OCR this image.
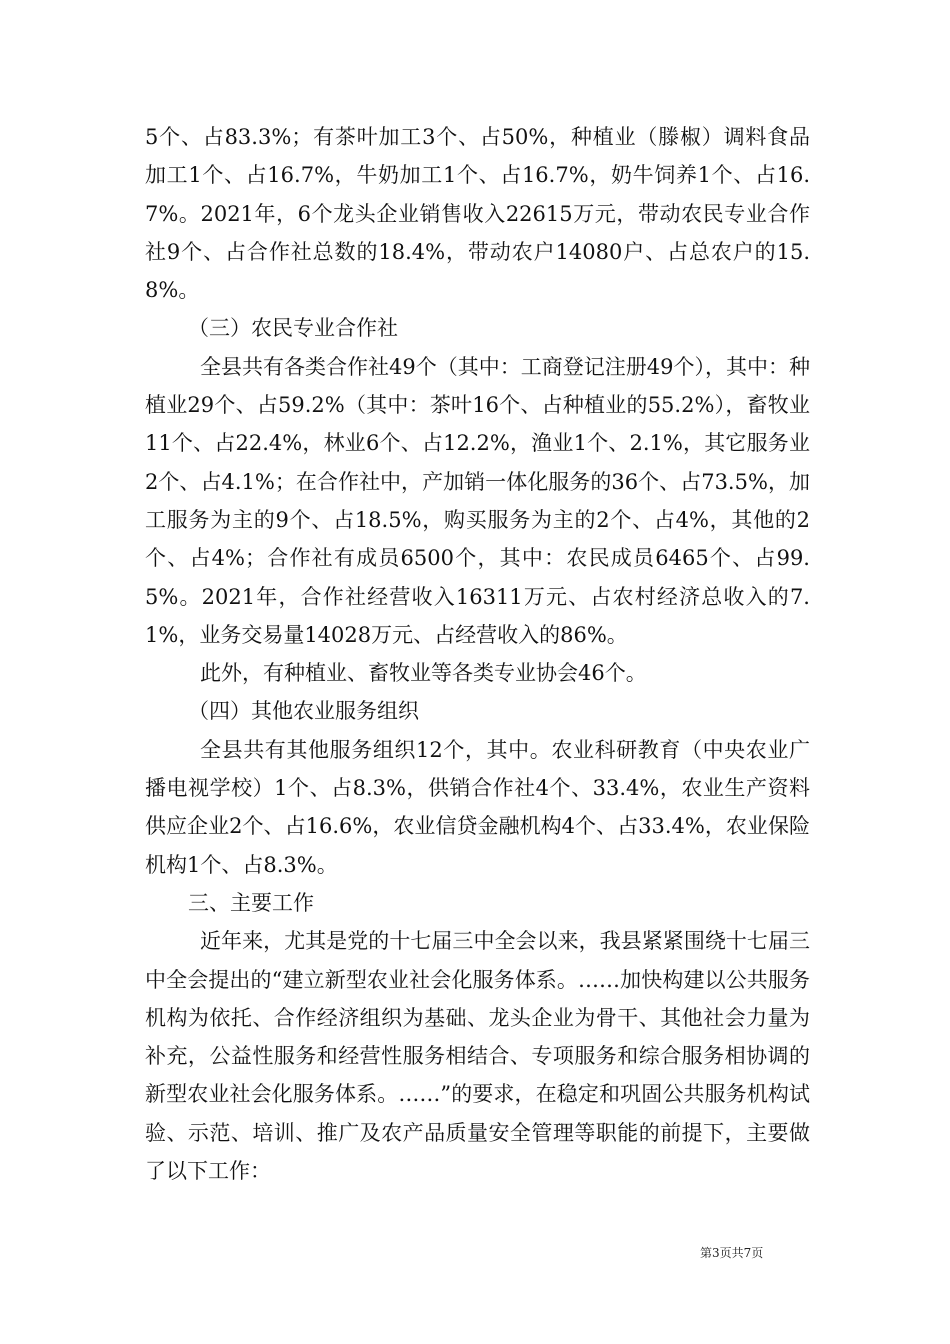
5个、占83.3%；有茶叶加工3个、占50%，种植业（滕椒）调料食品加工1个、占16.7%，牛奶加工1个、占16.7%，奶牛饲养1个、占16.7%。2021年，6个龙头企业销售收入22615万元，带动农民专业合作社9个、占合作社总数的18.4%，带动农户14080户、占总农户的15.8%。

（三）农民专业合作社

全县共有各类合作社49个（其中：工商登记注册49个），其中：种植业29个、占59.2%（其中：茶叶16个、占种植业的55.2%），畜牧业11个、占22.4%，林业6个、占12.2%，渔业1个、2.1%，其它服务业2个、占4.1%；在合作社中，产加销一体化服务的36个、占73.5%，加工服务为主的9个、占18.5%，购买服务为主的2个、占4%，其他的2个、占4%；合作社有成员6500个，其中：农民成员6465个、占99.5%。2021年，合作社经营收入16311万元、占农村经济总收入的7.1%，业务交易量14028万元、占经营收入的86%。

此外，有种植业、畜牧业等各类专业协会46个。

（四）其他农业服务组织

全县共有其他服务组织12个，其中。农业科研教育（中央农业广播电视学校）1个、占8.3%，供销合作社4个、33.4%，农业生产资料供应企业2个、占16.6%，农业信贷金融机构4个、占33.4%，农业保险机构1个、占8.3%。

三、主要工作

近年来，尤其是党的十七届三中全会以来，我县紧紧围绕十七届三中全会提出的“建立新型农业社会化服务体系。……加快构建以公共服务机构为依托、合作经济组织为基础、龙头企业为骨干、其他社会力量为补充，公益性服务和经营性服务相结合、专项服务和综合服务相协调的新型农业社会化服务体系。……”的要求，在稳定和巩固公共服务机构试验、示范、培训、推广及农产品质量安全管理等职能的前提下，主要做了以下工作：

第3页共7页
